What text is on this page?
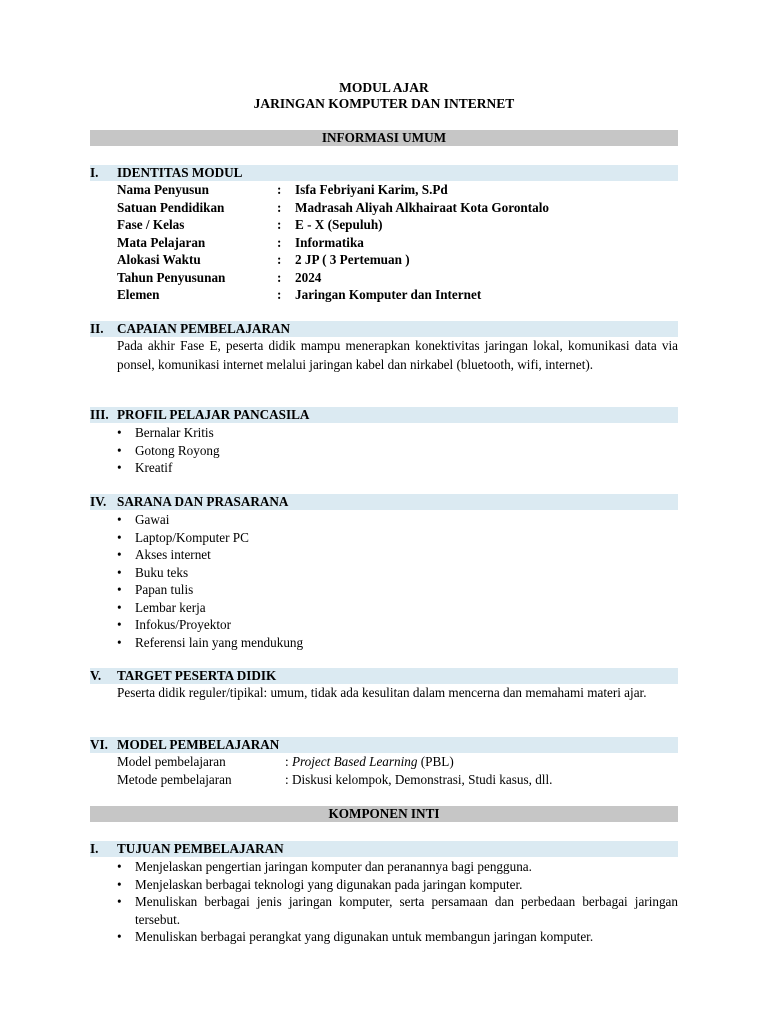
MODUL AJAR
JARINGAN KOMPUTER DAN INTERNET
INFORMASI UMUM
I. IDENTITAS MODUL
Nama Penyusun	: Isfa Febriyani Karim, S.Pd
Satuan Pendidikan	: Madrasah Aliyah Alkhairaat Kota Gorontalo
Fase / Kelas	: E - X (Sepuluh)
Mata Pelajaran	: Informatika
Alokasi Waktu	: 2 JP ( 3 Pertemuan )
Tahun Penyusunan	: 2024
Elemen	: Jaringan Komputer dan Internet
II. CAPAIAN PEMBELAJARAN
Pada akhir Fase E, peserta didik mampu menerapkan konektivitas jaringan lokal, komunikasi data via ponsel, komunikasi internet melalui jaringan kabel dan nirkabel (bluetooth, wifi, internet).
III. PROFIL PELAJAR PANCASILA
•	Bernalar Kritis
•	Gotong Royong
•	Kreatif
IV. SARANA DAN PRASARANA
•	Gawai
•	Laptop/Komputer PC
•	Akses internet
•	Buku teks
•	Papan tulis
•	Lembar kerja
•	Infokus/Proyektor
•	Referensi lain yang mendukung
V. TARGET PESERTA DIDIK
Peserta didik reguler/tipikal: umum, tidak ada kesulitan dalam mencerna dan memahami materi ajar.
VI. MODEL PEMBELAJARAN
Model pembelajaran	: Project Based Learning (PBL)
Metode pembelajaran	: Diskusi kelompok, Demonstrasi, Studi kasus, dll.
KOMPONEN INTI
I. TUJUAN PEMBELAJARAN
•	Menjelaskan pengertian jaringan komputer dan peranannya bagi pengguna.
•	Menjelaskan berbagai teknologi yang digunakan pada jaringan komputer.
•	Menuliskan berbagai jenis jaringan komputer, serta persamaan dan perbedaan berbagai jaringan tersebut.
•	Menuliskan berbagai perangkat yang digunakan untuk membangun jaringan komputer.
